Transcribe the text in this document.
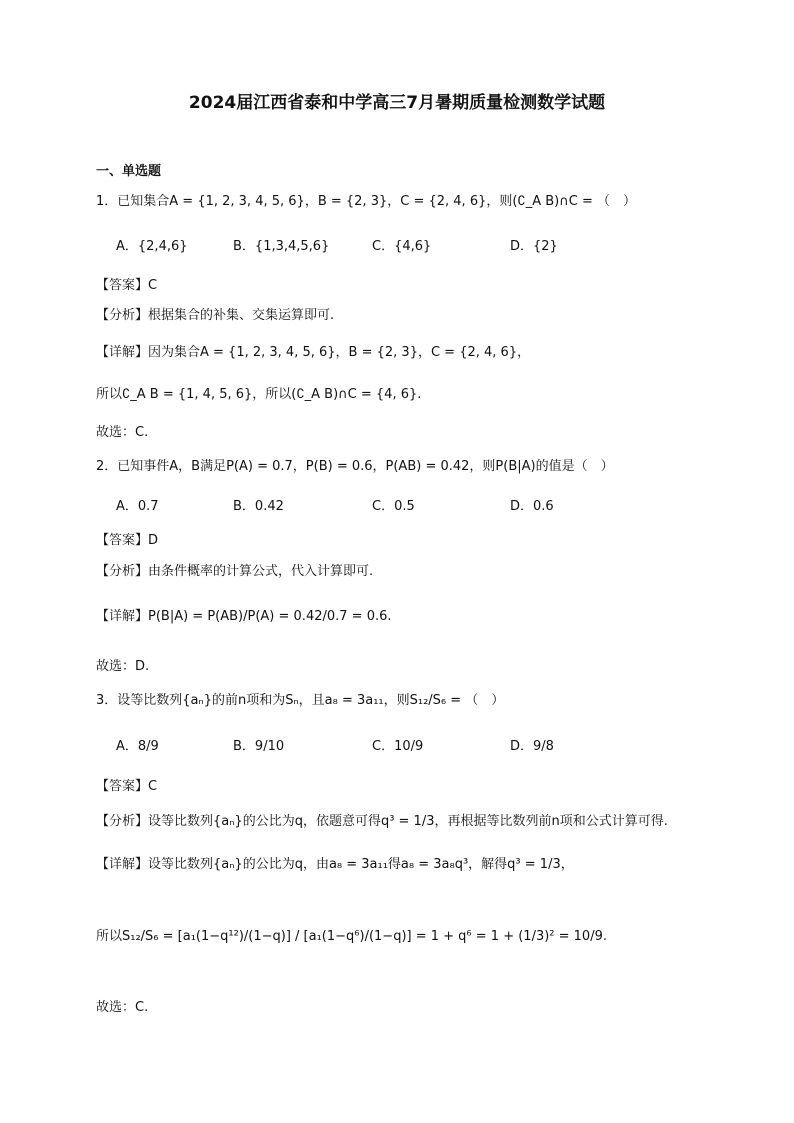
2024届江西省泰和中学高三7月暑期质量检测数学试题
一、单选题
1．已知集合A = {1, 2, 3, 4, 5, 6}，B = {2, 3}，C = {2, 4, 6}，则(∁_A B)∩C = （　）
A．{2,4,6}	B．{1,3,4,5,6}	C．{4,6}	D．{2}
【答案】C
【分析】根据集合的补集、交集运算即可.
【详解】因为集合A = {1, 2, 3, 4, 5, 6}，B = {2, 3}，C = {2, 4, 6}，
所以∁_A B = {1, 4, 5, 6}，所以(∁_A B)∩C = {4, 6}.
故选：C.
2．已知事件A，B满足P(A) = 0.7，P(B) = 0.6，P(AB) = 0.42，则P(B|A)的值是（　）
A．0.7	B．0.42	C．0.5	D．0.6
【答案】D
【分析】由条件概率的计算公式，代入计算即可.
【详解】P(B|A) = P(AB)/P(A) = 0.42/0.7 = 0.6.
故选：D.
3．设等比数列{aₙ}的前n项和为Sₙ，且a₈ = 3a₁₁，则S₁₂/S₆ = （　）
A．8/9	B．9/10	C．10/9	D．9/8
【答案】C
【分析】设等比数列{aₙ}的公比为q，依题意可得q³ = 1/3，再根据等比数列前n项和公式计算可得.
【详解】设等比数列{aₙ}的公比为q，由a₈ = 3a₁₁得a₈ = 3a₈q³，解得q³ = 1/3，
所以S₁₂/S₆ = [a₁(1−q¹²)/(1−q)] / [a₁(1−q⁶)/(1−q)] = 1 + q⁶ = 1 + (1/3)² = 10/9.
故选：C.
